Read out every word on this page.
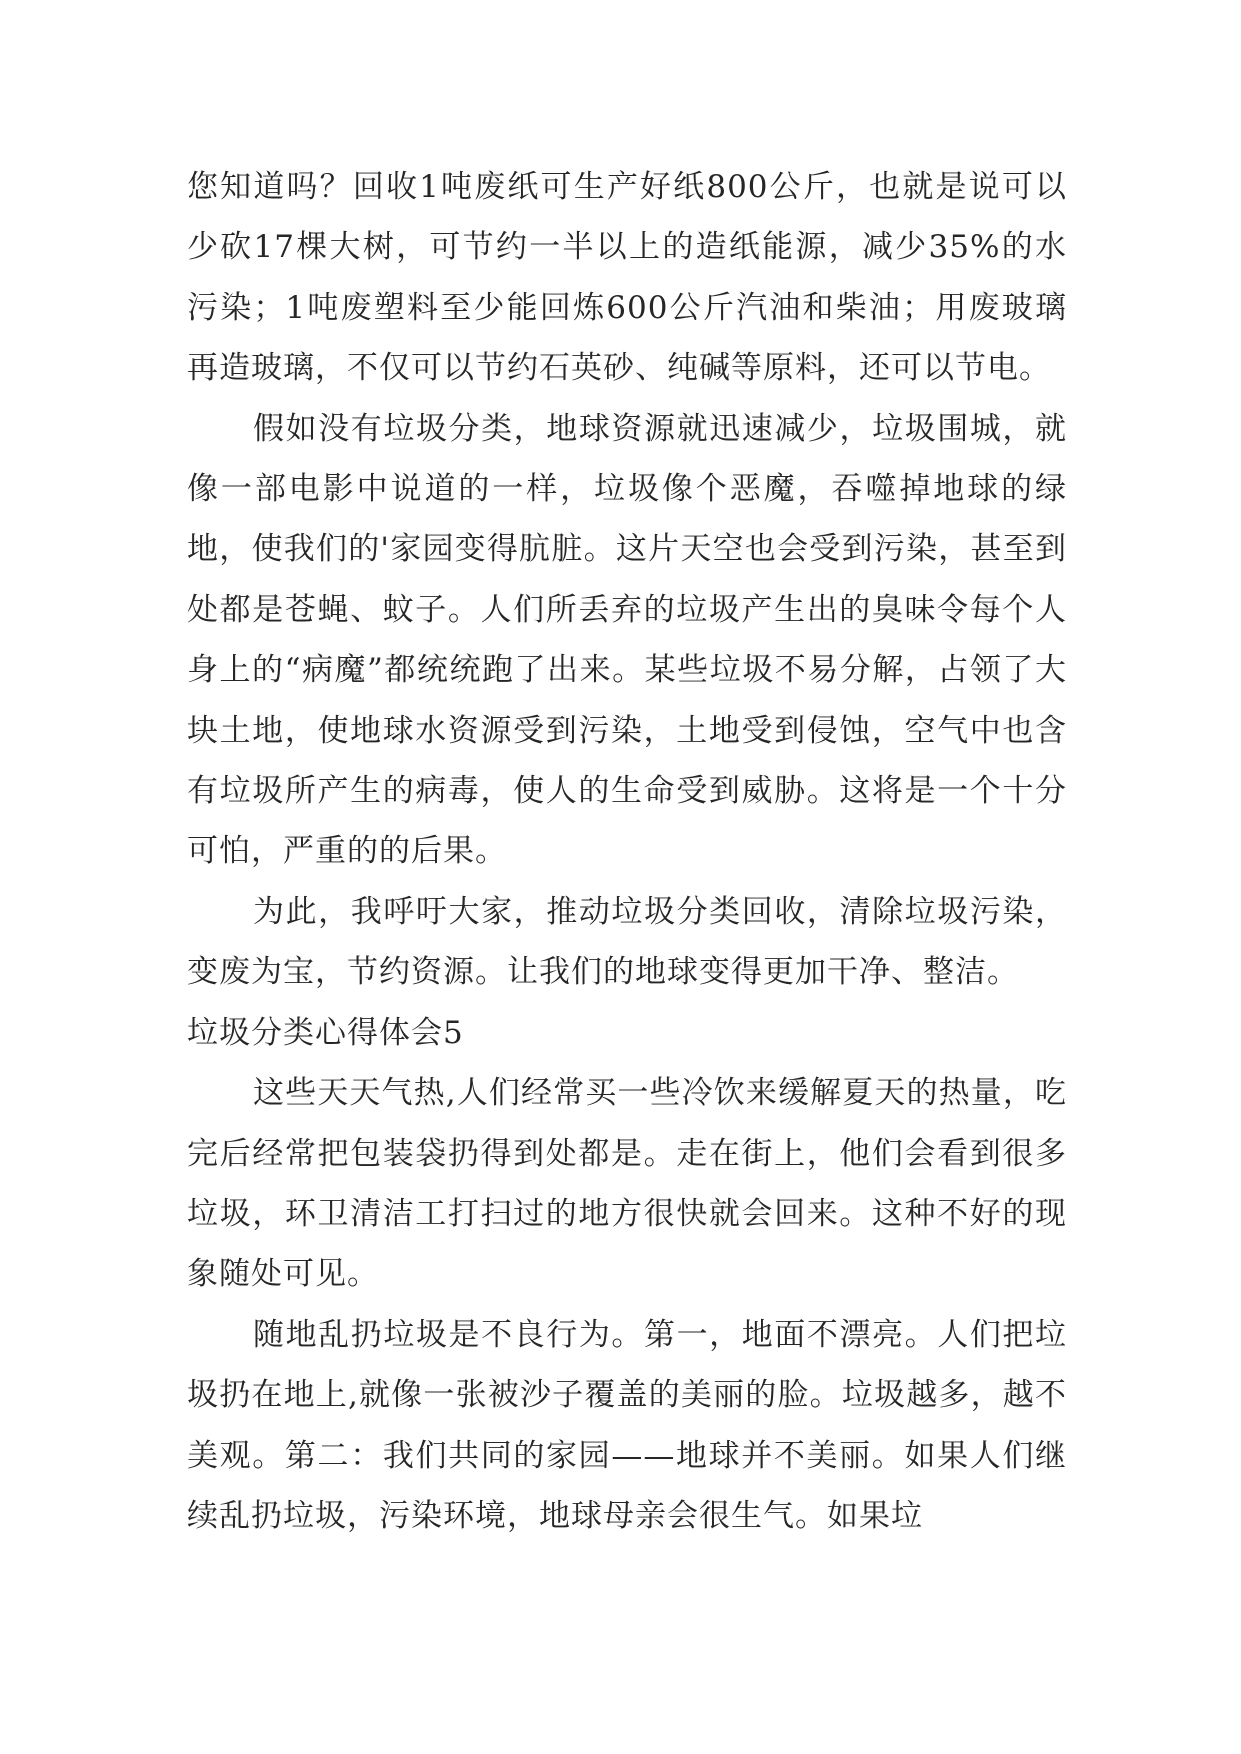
您知道吗？回收1吨废纸可生产好纸800公斤，也就是说可以少砍17棵大树，可节约一半以上的造纸能源，减少35%的水污染；1吨废塑料至少能回炼600公斤汽油和柴油；用废玻璃再造玻璃，不仅可以节约石英砂、纯碱等原料，还可以节电。

假如没有垃圾分类，地球资源就迅速减少，垃圾围城，就像一部电影中说道的一样，垃圾像个恶魔，吞噬掉地球的绿地，使我们的'家园变得肮脏。这片天空也会受到污染，甚至到处都是苍蝇、蚊子。人们所丢弃的垃圾产生出的臭味令每个人身上的“病魔”都统统跑了出来。某些垃圾不易分解，占领了大块土地，使地球水资源受到污染，土地受到侵蚀，空气中也含有垃圾所产生的病毒，使人的生命受到威胁。这将是一个十分可怕，严重的的后果。

为此，我呼吁大家，推动垃圾分类回收，清除垃圾污染，变废为宝，节约资源。让我们的地球变得更加干净、整洁。

垃圾分类心得体会5

这些天天气热,人们经常买一些冷饮来缓解夏天的热量，吃完后经常把包装袋扔得到处都是。走在街上，他们会看到很多垃圾，环卫清洁工打扫过的地方很快就会回来。这种不好的现象随处可见。

随地乱扔垃圾是不良行为。第一，地面不漂亮。人们把垃圾扔在地上,就像一张被沙子覆盖的美丽的脸。垃圾越多，越不美观。第二：我们共同的家园——地球并不美丽。如果人们继续乱扔垃圾，污染环境，地球母亲会很生气。如果垃
